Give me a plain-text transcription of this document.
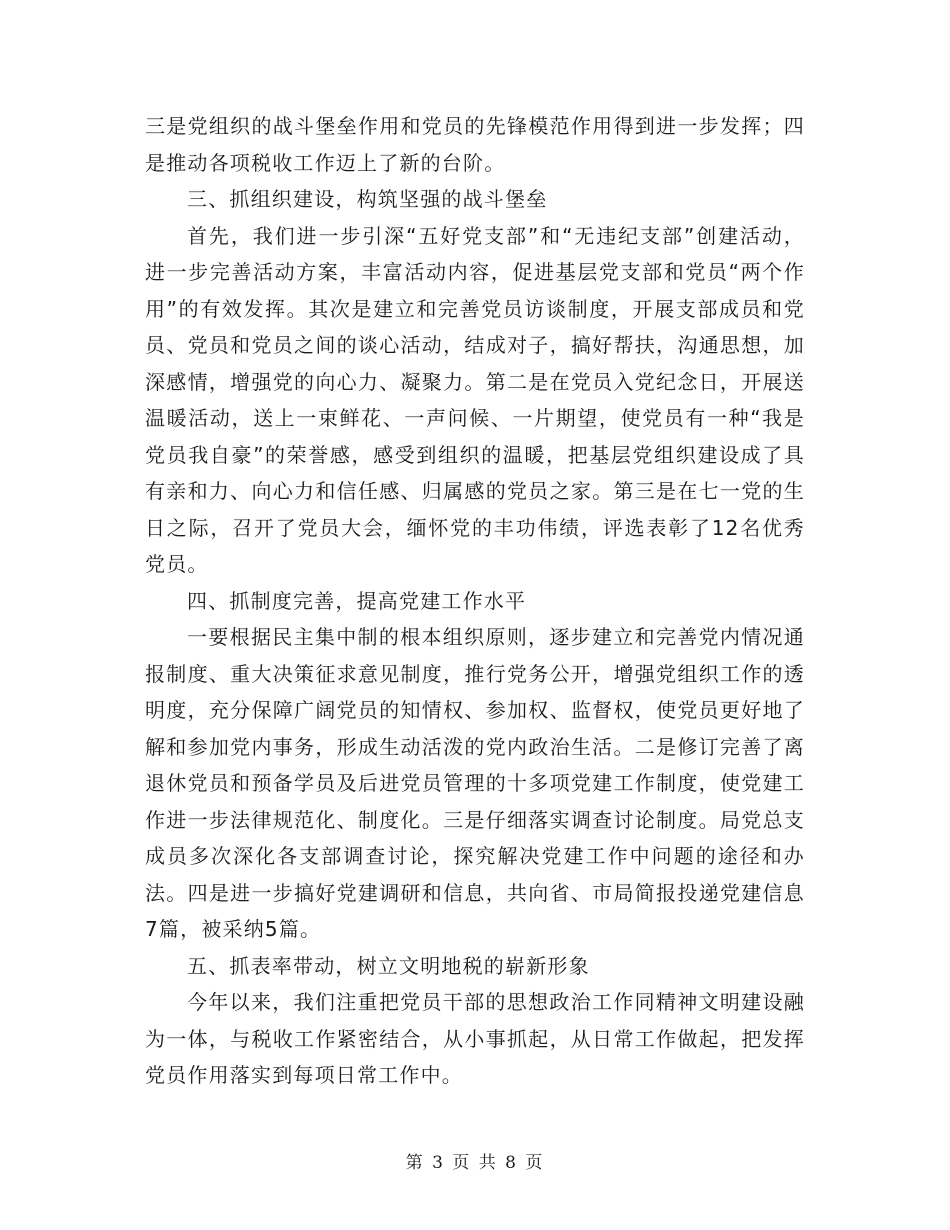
三是党组织的战斗堡垒作用和党员的先锋模范作用得到进一步发挥；四是推动各项税收工作迈上了新的台阶。

三、抓组织建设，构筑坚强的战斗堡垒

首先，我们进一步引深“五好党支部”和“无违纪支部”创建活动，进一步完善活动方案，丰富活动内容，促进基层党支部和党员“两个作用”的有效发挥。其次是建立和完善党员访谈制度，开展支部成员和党员、党员和党员之间的谈心活动，结成对子，搞好帮扶，沟通思想，加深感情，增强党的向心力、凝聚力。第二是在党员入党纪念日，开展送温暖活动，送上一束鲜花、一声问候、一片期望，使党员有一种“我是党员我自豪”的荣誉感，感受到组织的温暖，把基层党组织建设成了具有亲和力、向心力和信任感、归属感的党员之家。第三是在七一党的生日之际，召开了党员大会，缅怀党的丰功伟绩，评选表彰了12名优秀党员。

四、抓制度完善，提高党建工作水平

一要根据民主集中制的根本组织原则，逐步建立和完善党内情况通报制度、重大决策征求意见制度，推行党务公开，增强党组织工作的透明度，充分保障广阔党员的知情权、参加权、监督权，使党员更好地了解和参加党内事务，形成生动活泼的党内政治生活。二是修订完善了离退休党员和预备学员及后进党员管理的十多项党建工作制度，使党建工作进一步法律规范化、制度化。三是仔细落实调查讨论制度。局党总支成员多次深化各支部调查讨论，探究解决党建工作中问题的途径和办法。四是进一步搞好党建调研和信息，共向省、市局简报投递党建信息7篇，被采纳5篇。

五、抓表率带动，树立文明地税的崭新形象

今年以来，我们注重把党员干部的思想政治工作同精神文明建设融为一体，与税收工作紧密结合，从小事抓起，从日常工作做起，把发挥党员作用落实到每项日常工作中。

第 3 页 共 8 页
